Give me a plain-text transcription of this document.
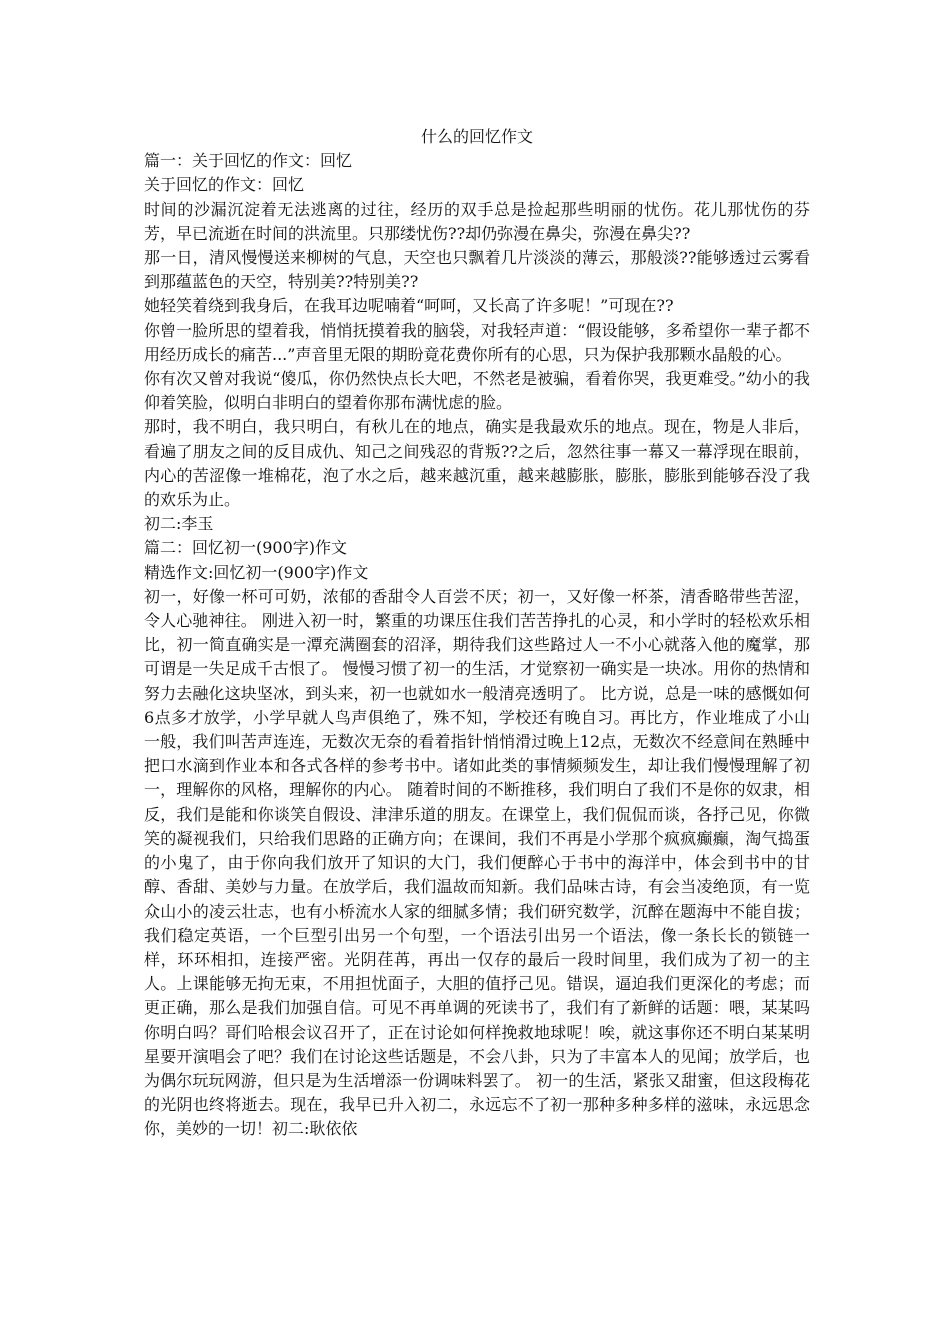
什么的回忆作文

篇一：关于回忆的作文：回忆

关于回忆的作文：回忆

时间的沙漏沉淀着无法逃离的过往，经历的双手总是捡起那些明丽的忧伤。花儿那忧伤的芬芳，早已流逝在时间的洪流里。只那缕忧伤??却仍弥漫在鼻尖，弥漫在鼻尖??

那一日，清风慢慢送来柳树的气息，天空也只飘着几片淡淡的薄云，那般淡??能够透过云雾看到那蕴蓝色的天空，特别美??特别美??

她轻笑着绕到我身后，在我耳边呢喃着“呵呵，又长高了许多呢！”可现在??

你曾一脸所思的望着我，悄悄抚摸着我的脑袋，对我轻声道：“假设能够，多希望你一辈子都不用经历成长的痛苦...”声音里无限的期盼竟花费你所有的心思，只为保护我那颗水晶般的心。

你有次又曾对我说“傻瓜，你仍然快点长大吧，不然老是被骗，看着你哭，我更难受。”幼小的我仰着笑脸，似明白非明白的望着你那布满忧虑的脸。

那时，我不明白，我只明白，有秋儿在的地点，确实是我最欢乐的地点。现在，物是人非后，看遍了朋友之间的反目成仇、知己之间残忍的背叛??之后，忽然往事一幕又一幕浮现在眼前，内心的苦涩像一堆棉花，泡了水之后，越来越沉重，越来越膨胀，膨胀，膨胀到能够吞没了我的欢乐为止。

初二:李玉

篇二：回忆初一(900字)作文

精选作文:回忆初一(900字)作文

初一，好像一杯可可奶，浓郁的香甜令人百尝不厌；初一，又好像一杯茶，清香略带些苦涩，令人心驰神往。 刚进入初一时，繁重的功课压住我们苦苦挣扎的心灵，和小学时的轻松欢乐相比，初一简直确实是一潭充满圈套的沼泽，期待我们这些路过人一不小心就落入他的魔掌，那可谓是一失足成千古恨了。 慢慢习惯了初一的生活，才觉察初一确实是一块冰。用你的热情和努力去融化这块坚冰，到头来，初一也就如水一般清亮透明了。 比方说，总是一味的感慨如何6点多才放学，小学早就人鸟声俱绝了，殊不知，学校还有晚自习。再比方，作业堆成了小山一般，我们叫苦声连连，无数次无奈的看着指针悄悄滑过晚上12点，无数次不经意间在熟睡中把口水滴到作业本和各式各样的参考书中。诸如此类的事情频频发生，却让我们慢慢理解了初一，理解你的风格，理解你的内心。 随着时间的不断推移，我们明白了我们不是你的奴隶，相反，我们是能和你谈笑自假设、津津乐道的朋友。在课堂上，我们侃侃而谈，各抒己见，你微笑的凝视我们，只给我们思路的正确方向；在课间，我们不再是小学那个疯疯癫癫，淘气捣蛋的小鬼了，由于你向我们放开了知识的大门，我们便醉心于书中的海洋中，体会到书中的甘醇、香甜、美妙与力量。在放学后，我们温故而知新。我们品味古诗，有会当凌绝顶，有一览众山小的凌云壮志，也有小桥流水人家的细腻多情；我们研究数学，沉醉在题海中不能自拔；我们稳定英语，一个巨型引出另一个句型，一个语法引出另一个语法，像一条长长的锁链一样，环环相扣，连接严密。光阴荏苒，再出一仅存的最后一段时间里，我们成为了初一的主人。上课能够无拘无束，不用担忧面子，大胆的值抒己见。错误，逼迫我们更深化的考虑；而更正确，那么是我们加强自信。可见不再单调的死读书了，我们有了新鲜的话题：喂，某某吗你明白吗？哥们哈根会议召开了，正在讨论如何样挽救地球呢！唉，就这事你还不明白某某明星要开演唱会了吧？我们在讨论这些话题是，不会八卦，只为了丰富本人的见闻；放学后，也为偶尔玩玩网游，但只是为生活增添一份调味料罢了。 初一的生活，紧张又甜蜜，但这段梅花的光阴也终将逝去。现在，我早已升入初二，永远忘不了初一那种多种多样的滋味，永远思念你，美妙的一切！初二:耿依依
